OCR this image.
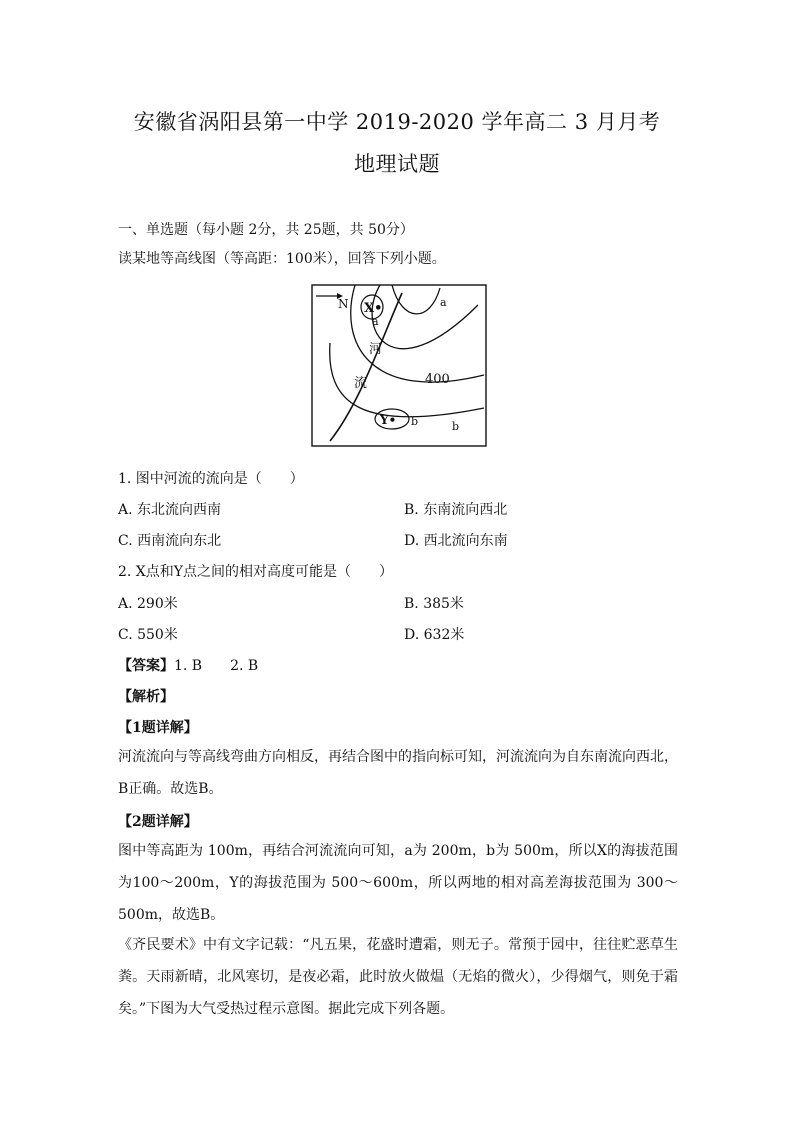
安徽省涡阳县第一中学 2019-2020 学年高二 3 月月考
地理试题
一、单选题（每小题 2分，共 25题，共 50分）
读某地等高线图（等高距：100米），回答下列小题。
N X•
a
a
河
流	400
Y• b	b
1. 图中河流的流向是（　　）
A. 东北流向西南	B. 东南流向西北
C. 西南流向东北	D. 西北流向东南
2. X点和Y点之间的相对高度可能是（　　）
A. 290米	B. 385米
C. 550米	D. 632米
【答案】1. B　　2. B
【解析】
【1题详解】
河流流向与等高线弯曲方向相反，再结合图中的指向标可知，河流流向为自东南流向西北，B正确。故选B。
【2题详解】
图中等高距为 100m，再结合河流流向可知，a为 200m，b为 500m，所以X的海拔范围为100～200m，Y的海拔范围为 500～600m，所以两地的相对高差海拔范围为 300～500m，故选B。
《齐民要术》中有文字记载：“凡五果，花盛时遭霜，则无子。常预于园中，往往贮恶草生粪。天雨新晴，北风寒切，是夜必霜，此时放火做煴（无焰的微火），少得烟气，则免于霜矣。”下图为大气受热过程示意图。据此完成下列各题。
